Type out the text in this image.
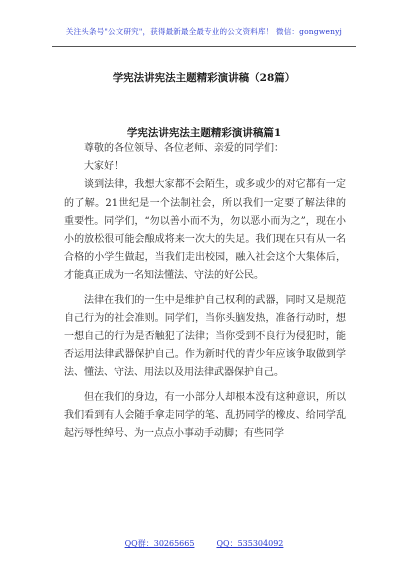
关注头条号"公文研究"，获得最新最全最专业的公文资料库！ 微信：gongwenyj
学宪法讲宪法主题精彩演讲稿（28篇）
学宪法讲宪法主题精彩演讲稿篇1

尊敬的各位领导、各位老师、亲爱的同学们：

大家好！

谈到法律，我想大家都不会陌生，或多或少的对它都有一定的了解。21世纪是一个法制社会，所以我们一定要了解法律的重要性。同学们，“勿以善小而不为，勿以恶小而为之”，现在小小的放松很可能会酿成将来一次大的失足。我们现在只有从一名合格的小学生做起，当我们走出校园，融入社会这个大集体后，才能真正成为一名知法懂法、守法的好公民。

法律在我们的一生中是维护自己权利的武器，同时又是规范自己行为的社会准则。同学们，当你头脑发热，准备行动时，想一想自己的行为是否触犯了法律；当你受到不良行为侵犯时，能否运用法律武器保护自己。作为新时代的青少年应该争取做到学法、懂法、守法、用法以及用法律武器保护自己。

但在我们的身边，有一小部分人却根本没有这种意识，所以我们看到有人会随手拿走同学的笔、乱扔同学的橡皮、给同学乱起污辱性绰号、为一点点小事动手动脚；有些同学

QQ群：30265665	QQ：535304092
